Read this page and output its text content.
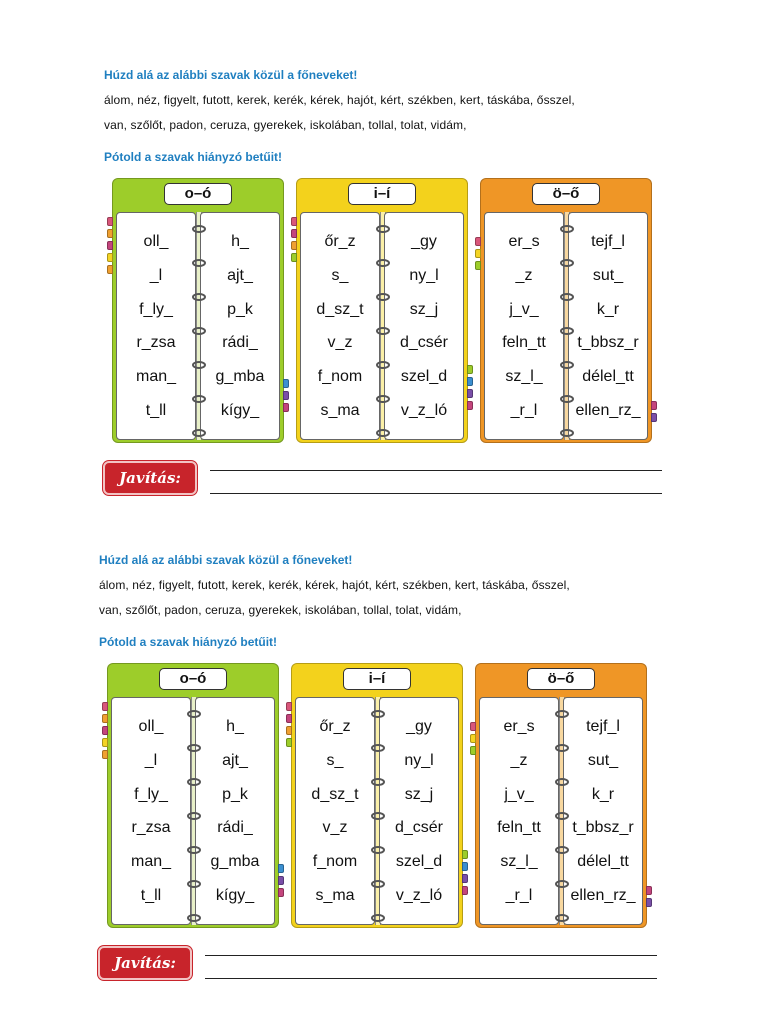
Húzd alá az alábbi szavak közül a főneveket!
álom, néz, figyelt, futott, kerek, kerék, kérek, hajót, kért, székben, kert, táskába, ősszel,
van, szőlőt, padon, ceruza, gyerekek, iskolában, tollal, tolat, vidám,
Pótold a szavak hiányzó betűit!
o–ó
oll_
_l
f_ly_
r_zsa
man_
t_ll
h_
ajt_
p_k
rádi_
g_mba
kígy_
i–í
őr_z
s_
d_sz_t
v_z
f_nom
s_ma
_gy
ny_l
sz_j
d_csér
szel_d
v_z_ló
ö–ő
er_s
_z
j_v_
feln_tt
sz_l_
_r_l
tejf_l
sut_
k_r
t_bbsz_r
délel_tt
ellen_rz_
Javítás:
Húzd alá az alábbi szavak közül a főneveket!
álom, néz, figyelt, futott, kerek, kerék, kérek, hajót, kért, székben, kert, táskába, ősszel,
van, szőlőt, padon, ceruza, gyerekek, iskolában, tollal, tolat, vidám,
Pótold a szavak hiányzó betűit!
o–ó
oll_
_l
f_ly_
r_zsa
man_
t_ll
h_
ajt_
p_k
rádi_
g_mba
kígy_
i–í
őr_z
s_
d_sz_t
v_z
f_nom
s_ma
_gy
ny_l
sz_j
d_csér
szel_d
v_z_ló
ö–ő
er_s
_z
j_v_
feln_tt
sz_l_
_r_l
tejf_l
sut_
k_r
t_bbsz_r
délel_tt
ellen_rz_
Javítás:
